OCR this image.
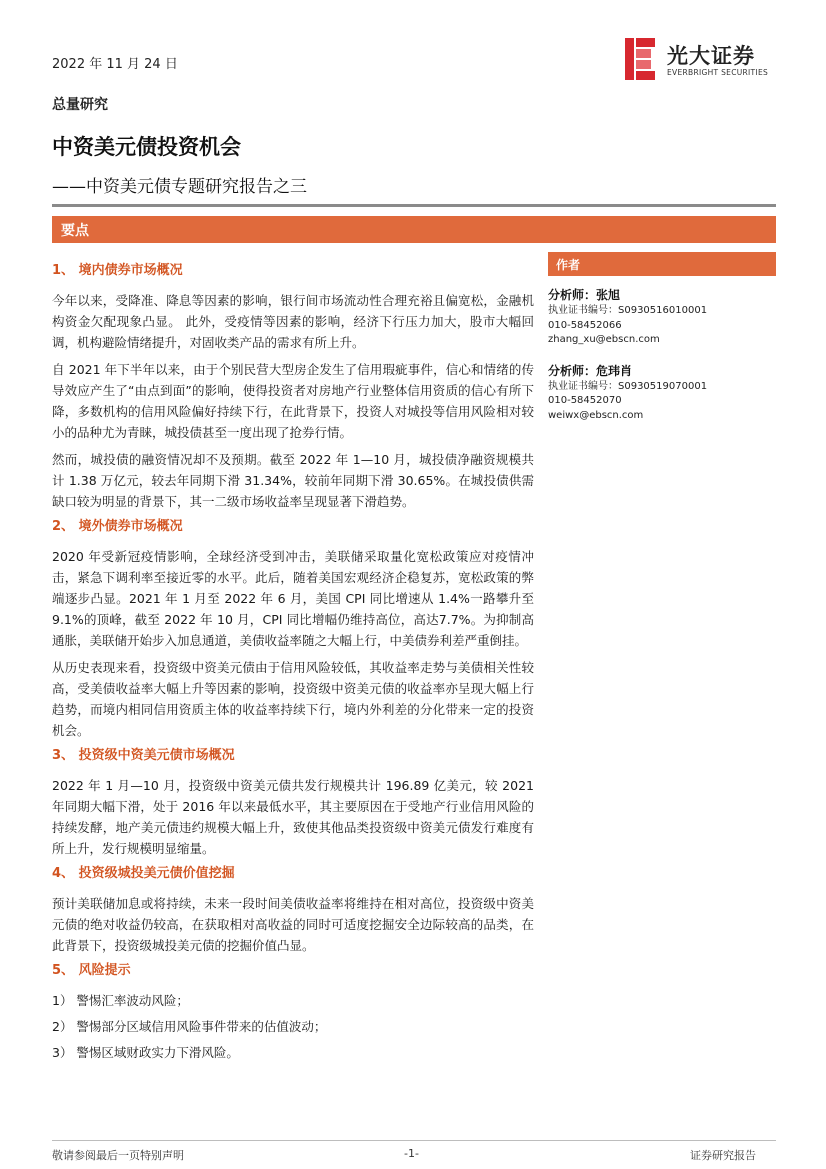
2022 年 11 月 24 日	光大证券
EVERBRIGHT SECURITIES
总量研究
中资美元债投资机会
——中资美元债专题研究报告之三
要点
1、 境内债券市场概况

今年以来，受降准、降息等因素的影响，银行间市场流动性合理充裕且偏宽松，金融机构资金欠配现象凸显。 此外，受疫情等因素的影响，经济下行压力加大，股市大幅回调，机构避险情绪提升，对固收类产品的需求有所上升。

自 2021 年下半年以来，由于个别民营大型房企发生了信用瑕疵事件，信心和情绪的传导效应产生了“由点到面”的影响，使得投资者对房地产行业整体信用资质的信心有所下降，多数机构的信用风险偏好持续下行，在此背景下，投资人对城投等信用风险相对较小的品种尤为青睐，城投债甚至一度出现了抢券行情。

然而，城投债的融资情况却不及预期。截至 2022 年 1—10 月，城投债净融资规模共计 1.38 万亿元，较去年同期下滑 31.34%，较前年同期下滑 30.65%。在城投债供需缺口较为明显的背景下，其一二级市场收益率呈现显著下滑趋势。

2、 境外债券市场概况

2020 年受新冠疫情影响，全球经济受到冲击，美联储采取量化宽松政策应对疫情冲击，紧急下调利率至接近零的水平。此后，随着美国宏观经济企稳复苏，宽松政策的弊端逐步凸显。2021 年 1 月至 2022 年 6 月，美国 CPI 同比增速从 1.4%一路攀升至 9.1%的顶峰，截至 2022 年 10 月，CPI 同比增幅仍维持高位，高达7.7%。为抑制高通胀，美联储开始步入加息通道，美债收益率随之大幅上行，中美债券利差严重倒挂。

从历史表现来看，投资级中资美元债由于信用风险较低，其收益率走势与美债相关性较高，受美债收益率大幅上升等因素的影响，投资级中资美元债的收益率亦呈现大幅上行趋势，而境内相同信用资质主体的收益率持续下行，境内外利差的分化带来一定的投资机会。

3、 投资级中资美元债市场概况

2022 年 1 月—10 月，投资级中资美元债共发行规模共计 196.89 亿美元，较 2021年同期大幅下滑，处于 2016 年以来最低水平，其主要原因在于受地产行业信用风险的持续发酵，地产美元债违约规模大幅上升，致使其他品类投资级中资美元债发行难度有所上升，发行规模明显缩量。

4、 投资级城投美元债价值挖掘

预计美联储加息或将持续，未来一段时间美债收益率将维持在相对高位，投资级中资美元债的绝对收益仍较高，在获取相对高收益的同时可适度挖掘安全边际较高的品类，在此背景下，投资级城投美元债的挖掘价值凸显。

5、 风险提示
1） 警惕汇率波动风险；
2） 警惕部分区域信用风险事件带来的估值波动；
3） 警惕区域财政实力下滑风险。
作者
分析师：张旭
执业证书编号：S0930516010001
010-58452066
zhang_xu@ebscn.com
分析师：危玮肖
执业证书编号：S0930519070001
010-58452070
weiwx@ebscn.com
敬请参阅最后一页特别声明	-1-	证券研究报告
